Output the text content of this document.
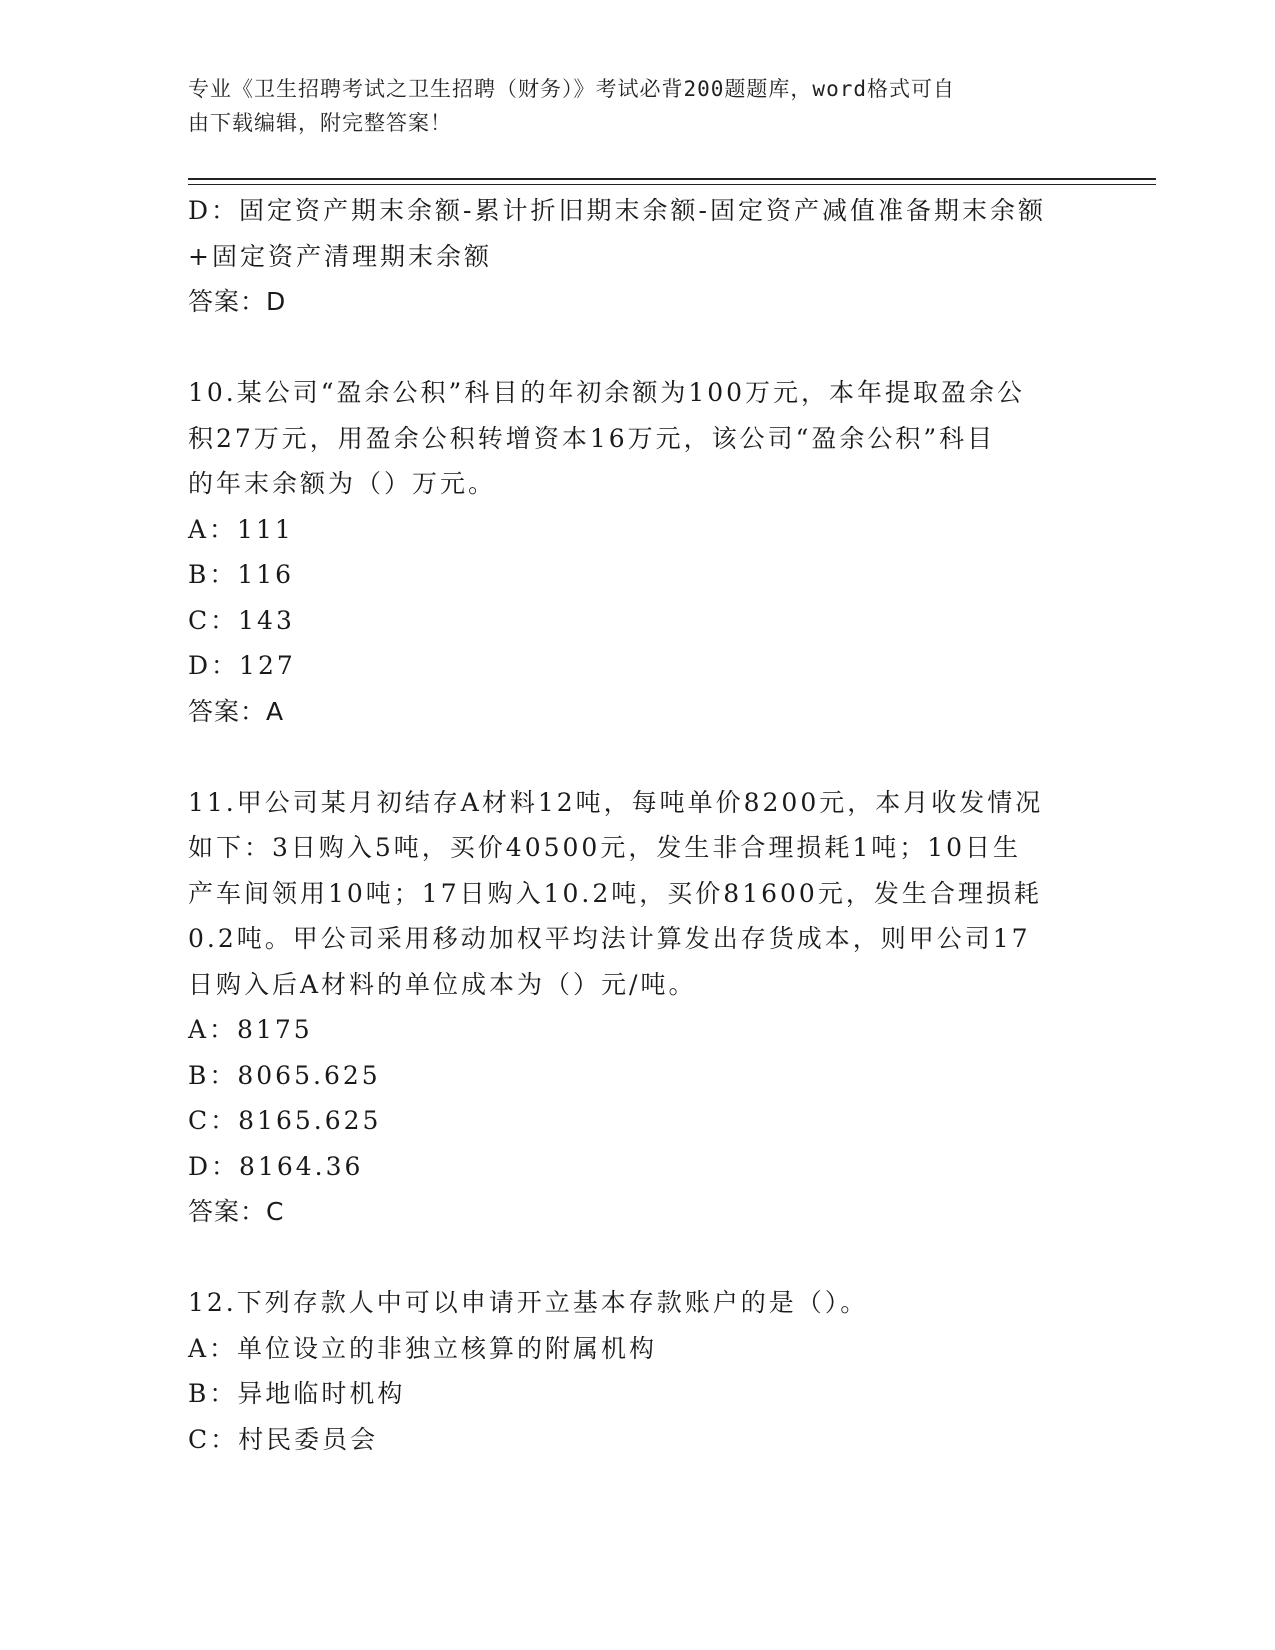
专业《卫生招聘考试之卫生招聘（财务）》考试必背200题题库，word格式可自

由下载编辑，附完整答案！

D：固定资产期末余额-累计折旧期末余额-固定资产减值准备期末余额

+固定资产清理期末余额

答案：D

10.某公司“盈余公积”科目的年初余额为100万元，本年提取盈余公

积27万元，用盈余公积转增资本16万元，该公司“盈余公积”科目

的年末余额为（）万元。

A：111

B：116

C：143

D：127

答案：A

11.甲公司某月初结存A材料12吨，每吨单价8200元，本月收发情况

如下：3日购入5吨，买价40500元，发生非合理损耗1吨；10日生

产车间领用10吨；17日购入10.2吨，买价81600元，发生合理损耗

0.2吨。甲公司采用移动加权平均法计算发出存货成本，则甲公司17

日购入后A材料的单位成本为（）元/吨。

A：8175

B：8065.625

C：8165.625

D：8164.36

答案：C

12.下列存款人中可以申请开立基本存款账户的是（）。

A：单位设立的非独立核算的附属机构

B：异地临时机构

C：村民委员会
